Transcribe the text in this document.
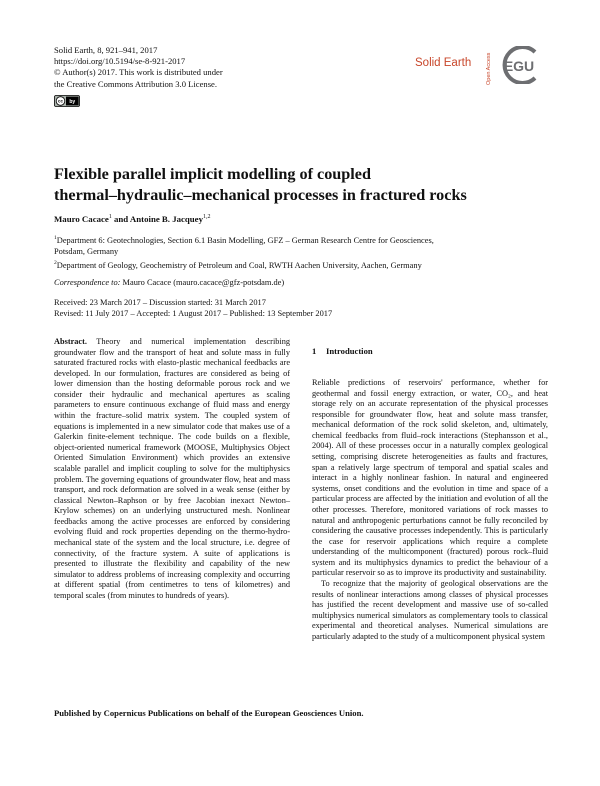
Solid Earth, 8, 921–941, 2017
https://doi.org/10.5194/se-8-921-2017
© Author(s) 2017. This work is distributed under
the Creative Commons Attribution 3.0 License.
cc by
Solid Earth	Open Access EGU
Flexible parallel implicit modelling of coupled
thermal–hydraulic–mechanical processes in fractured rocks
Mauro Cacace$^1$ and Antoine B. Jacquey$^{1,2}$
$^1$Department 6: Geotechnologies, Section 6.1 Basin Modelling, GFZ – German Research Centre for Geosciences,
Potsdam, Germany
$^2$Department of Geology, Geochemistry of Petroleum and Coal, RWTH Aachen University, Aachen, Germany
Correspondence to: Mauro Cacace (mauro.cacace@gfz-potsdam.de)
Received: 23 March 2017 – Discussion started: 31 March 2017
Revised: 11 July 2017 – Accepted: 1 August 2017 – Published: 13 September 2017

Abstract. Theory and numerical implementation describing groundwater flow and the transport of heat and solute mass in fully saturated fractured rocks with elasto-plastic mechanical feedbacks are developed. In our formulation, fractures are considered as being of lower dimension than the hosting deformable porous rock and we consider their hydraulic and mechanical apertures as scaling parameters to ensure continuous exchange of fluid mass and energy within the fracture–solid matrix system. The coupled system of equations is implemented in a new simulator code that makes use of a Galerkin finite-element technique. The code builds on a flexible, object-oriented numerical framework (MOOSE, Multiphysics Object Oriented Simulation Environment) which provides an extensive scalable parallel and implicit coupling to solve for the multiphysics problem. The governing equations of groundwater flow, heat and mass transport, and rock deformation are solved in a weak sense (either by classical Newton–Raphson or by free Jacobian inexact Newton–Krylow schemes) on an underlying unstructured mesh. Nonlinear feedbacks among the active processes are enforced by considering evolving fluid and rock properties depending on the thermo-hydro-mechanical state of the system and the local structure, i.e. degree of connectivity, of the fracture system. A suite of applications is presented to illustrate the flexibility and capability of the new simulator to address problems of increasing complexity and occurring at different spatial (from centimetres to tens of kilometres) and temporal scales (from minutes to hundreds of years).

1 Introduction

Reliable predictions of reservoirs' performance, whether for geothermal and fossil energy extraction, or water, CO₂, and heat storage rely on an accurate representation of the physical processes responsible for groundwater flow, heat and solute mass transfer, mechanical deformation of the rock solid skeleton, and, ultimately, chemical feedbacks from fluid–rock interactions (Stephansson et al., 2004). All of these processes occur in a naturally complex geological setting, comprising discrete heterogeneities as faults and fractures, span a relatively large spectrum of temporal and spatial scales and interact in a highly nonlinear fashion. In natural and engineered systems, onset conditions and the evolution in time and space of a particular process are affected by the initiation and evolution of all the other processes. Therefore, monitored variations of rock masses to natural and anthropogenic perturbations cannot be fully reconciled by considering the causative processes independently. This is particularly the case for reservoir applications which require a complete understanding of the multicomponent (fractured) porous rock–fluid system and its multiphysics dynamics to predict the behaviour of a particular reservoir so as to improve its productivity and sustainability.

To recognize that the majority of geological observations are the results of nonlinear interactions among classes of physical processes has justified the recent development and massive use of so-called multiphysics numerical simulators as complementary tools to classical experimental and theoretical analyses. Numerical simulations are particularly adapted to the study of a multicomponent physical system

Published by Copernicus Publications on behalf of the European Geosciences Union.
